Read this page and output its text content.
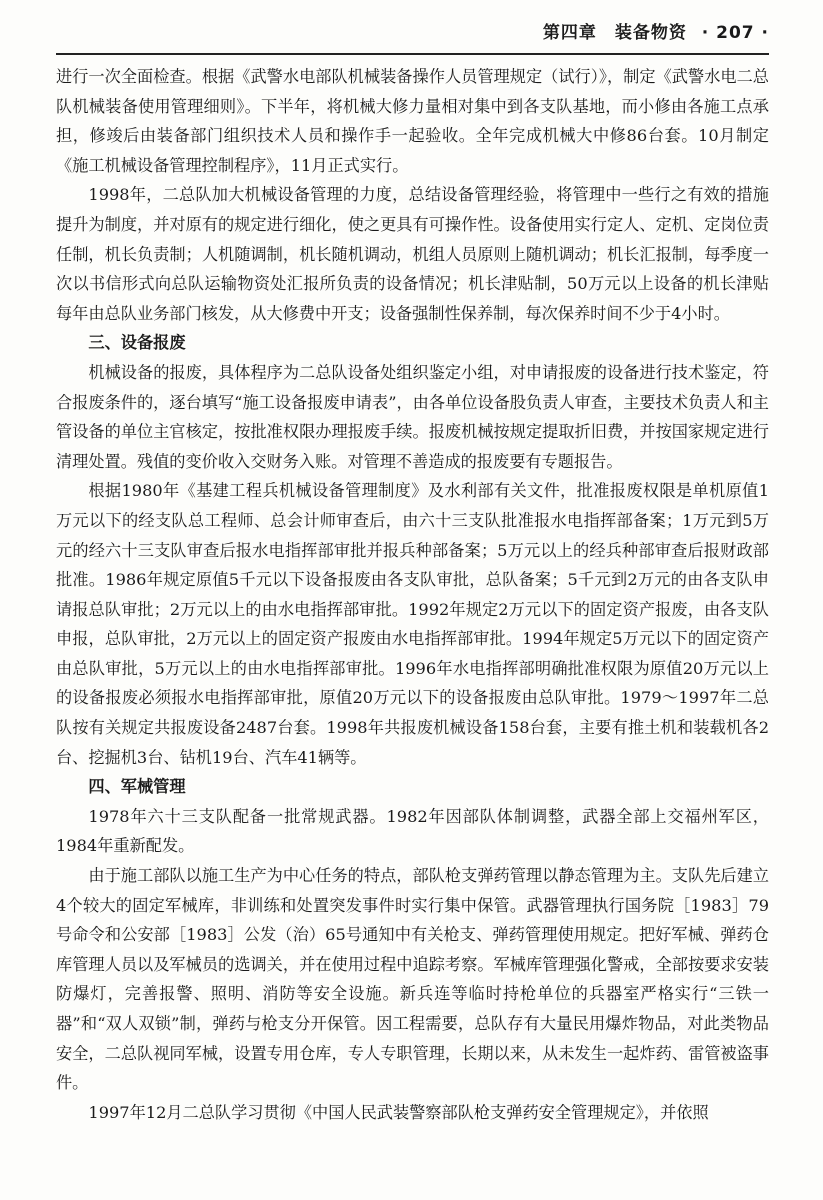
第四章　装备物资 · 207 ·

进行一次全面检查。根据《武警水电部队机械装备操作人员管理规定（试行）》，制定《武警水电二总队机械装备使用管理细则》。下半年，将机械大修力量相对集中到各支队基地，而小修由各施工点承担，修竣后由装备部门组织技术人员和操作手一起验收。全年完成机械大中修86台套。10月制定《施工机械设备管理控制程序》，11月正式实行。

1998年，二总队加大机械设备管理的力度，总结设备管理经验，将管理中一些行之有效的措施提升为制度，并对原有的规定进行细化，使之更具有可操作性。设备使用实行定人、定机、定岗位责任制，机长负责制；人机随调制，机长随机调动，机组人员原则上随机调动；机长汇报制，每季度一次以书信形式向总队运输物资处汇报所负责的设备情况；机长津贴制，50万元以上设备的机长津贴每年由总队业务部门核发，从大修费中开支；设备强制性保养制，每次保养时间不少于4小时。

三、设备报废

机械设备的报废，具体程序为二总队设备处组织鉴定小组，对申请报废的设备进行技术鉴定，符合报废条件的，逐台填写“施工设备报废申请表”，由各单位设备股负责人审查，主要技术负责人和主管设备的单位主官核定，按批准权限办理报废手续。报废机械按规定提取折旧费，并按国家规定进行清理处置。残值的变价收入交财务入账。对管理不善造成的报废要有专题报告。

根据1980年《基建工程兵机械设备管理制度》及水利部有关文件，批准报废权限是单机原值1万元以下的经支队总工程师、总会计师审查后，由六十三支队批准报水电指挥部备案；1万元到5万元的经六十三支队审查后报水电指挥部审批并报兵种部备案；5万元以上的经兵种部审查后报财政部批准。1986年规定原值5千元以下设备报废由各支队审批，总队备案；5千元到2万元的由各支队申请报总队审批；2万元以上的由水电指挥部审批。1992年规定2万元以下的固定资产报废，由各支队申报，总队审批，2万元以上的固定资产报废由水电指挥部审批。1994年规定5万元以下的固定资产由总队审批，5万元以上的由水电指挥部审批。1996年水电指挥部明确批准权限为原值20万元以上的设备报废必须报水电指挥部审批，原值20万元以下的设备报废由总队审批。1979～1997年二总队按有关规定共报废设备2487台套。1998年共报废机械设备158台套，主要有推土机和装载机各2台、挖掘机3台、钻机19台、汽车41辆等。

四、军械管理

1978年六十三支队配备一批常规武器。1982年因部队体制调整，武器全部上交福州军区，1984年重新配发。

由于施工部队以施工生产为中心任务的特点，部队枪支弹药管理以静态管理为主。支队先后建立4个较大的固定军械库，非训练和处置突发事件时实行集中保管。武器管理执行国务院［1983］79号命令和公安部［1983］公发（治）65号通知中有关枪支、弹药管理使用规定。把好军械、弹药仓库管理人员以及军械员的选调关，并在使用过程中追踪考察。军械库管理强化警戒，全部按要求安装防爆灯，完善报警、照明、消防等安全设施。新兵连等临时持枪单位的兵器室严格实行“三铁一器”和“双人双锁”制，弹药与枪支分开保管。因工程需要，总队存有大量民用爆炸物品，对此类物品安全，二总队视同军械，设置专用仓库，专人专职管理，长期以来，从未发生一起炸药、雷管被盗事件。

1997年12月二总队学习贯彻《中国人民武装警察部队枪支弹药安全管理规定》，并依照
